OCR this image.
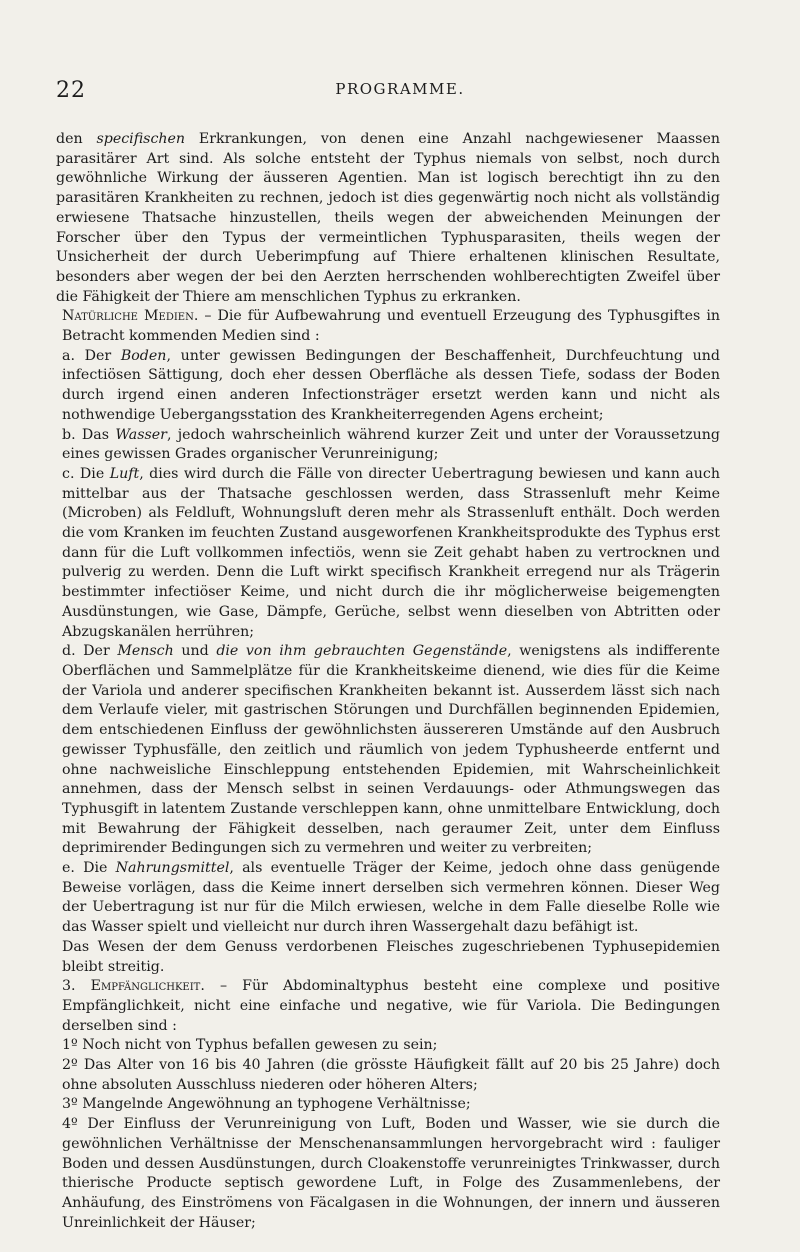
22	PROGRAMME.

den specifischen Erkrankungen, von denen eine Anzahl nachgewiesener Maassen parasitärer Art sind. Als solche entsteht der Typhus niemals von selbst, noch durch gewöhnliche Wirkung der äusseren Agentien. Man ist logisch berechtigt ihn zu den parasitären Krankheiten zu rechnen, jedoch ist dies gegenwärtig noch nicht als vollständig erwiesene Thatsache hinzustellen, theils wegen der abweichenden Meinungen der Forscher über den Typus der vermeintlichen Typhusparasiten, theils wegen der Unsicherheit der durch Ueberimpfung auf Thiere erhaltenen klinischen Resultate, besonders aber wegen der bei den Aerzten herrschenden wohlberechtigten Zweifel über die Fähigkeit der Thiere am menschlichen Typhus zu erkranken.

Natürliche Medien. – Die für Aufbewahrung und eventuell Erzeugung des Typhusgiftes in Betracht kommenden Medien sind :

a. Der Boden, unter gewissen Bedingungen der Beschaffenheit, Durchfeuchtung und infectiösen Sättigung, doch eher dessen Oberfläche als dessen Tiefe, sodass der Boden durch irgend einen anderen Infectionsträger ersetzt werden kann und nicht als nothwendige Uebergangsstation des Krankheiterregenden Agens ercheint;

b. Das Wasser, jedoch wahrscheinlich während kurzer Zeit und unter der Voraussetzung eines gewissen Grades organischer Verunreinigung;

c. Die Luft, dies wird durch die Fälle von directer Uebertragung bewiesen und kann auch mittelbar aus der Thatsache geschlossen werden, dass Strassenluft mehr Keime (Microben) als Feldluft, Wohnungsluft deren mehr als Strassenluft enthält. Doch werden die vom Kranken im feuchten Zustand ausgeworfenen Krankheitsprodukte des Typhus erst dann für die Luft vollkommen infectiös, wenn sie Zeit gehabt haben zu vertrocknen und pulverig zu werden. Denn die Luft wirkt specifisch Krankheit erregend nur als Trägerin bestimmter infectiöser Keime, und nicht durch die ihr möglicherweise beigemengten Ausdünstungen, wie Gase, Dämpfe, Gerüche, selbst wenn dieselben von Abtritten oder Abzugskanälen herrühren;

d. Der Mensch und die von ihm gebrauchten Gegenstände, wenigstens als indifferente Oberflächen und Sammelplätze für die Krankheitskeime dienend, wie dies für die Keime der Variola und anderer specifischen Krankheiten bekannt ist. Ausserdem lässt sich nach dem Verlaufe vieler, mit gastrischen Störungen und Durchfällen beginnenden Epidemien, dem entschiedenen Einfluss der gewöhnlichsten äussereren Umstände auf den Ausbruch gewisser Typhusfälle, den zeitlich und räumlich von jedem Typhusheerde entfernt und ohne nachweisliche Einschleppung entstehenden Epidemien, mit Wahrscheinlichkeit annehmen, dass der Mensch selbst in seinen Verdauungs- oder Athmungswegen das Typhusgift in latentem Zustande verschleppen kann, ohne unmittelbare Entwicklung, doch mit Bewahrung der Fähigkeit desselben, nach geraumer Zeit, unter dem Einfluss deprimirender Bedingungen sich zu vermehren und weiter zu verbreiten;

e. Die Nahrungsmittel, als eventuelle Träger der Keime, jedoch ohne dass genügende Beweise vorlägen, dass die Keime innert derselben sich vermehren können. Dieser Weg der Uebertragung ist nur für die Milch erwiesen, welche in dem Falle dieselbe Rolle wie das Wasser spielt und vielleicht nur durch ihren Wassergehalt dazu befähigt ist.

Das Wesen der dem Genuss verdorbenen Fleisches zugeschriebenen Typhusepidemien bleibt streitig.

3. Empfänglichkeit. – Für Abdominaltyphus besteht eine complexe und positive Empfänglichkeit, nicht eine einfache und negative, wie für Variola. Die Bedingungen derselben sind :

1º Noch nicht von Typhus befallen gewesen zu sein;

2º Das Alter von 16 bis 40 Jahren (die grösste Häufigkeit fällt auf 20 bis 25 Jahre) doch ohne absoluten Ausschluss niederen oder höheren Alters;

3º Mangelnde Angewöhnung an typhogene Verhältnisse;

4º Der Einfluss der Verunreinigung von Luft, Boden und Wasser, wie sie durch die gewöhnlichen Verhältnisse der Menschenansammlungen hervorgebracht wird : fauliger Boden und dessen Ausdünstungen, durch Cloakenstoffe verunreinigtes Trinkwasser, durch thierische Producte septisch gewordene Luft, in Folge des Zusammenlebens, der Anhäufung, des Einströmens von Fäcalgasen in die Wohnungen, der innern und äusseren Unreinlichkeit der Häuser;
